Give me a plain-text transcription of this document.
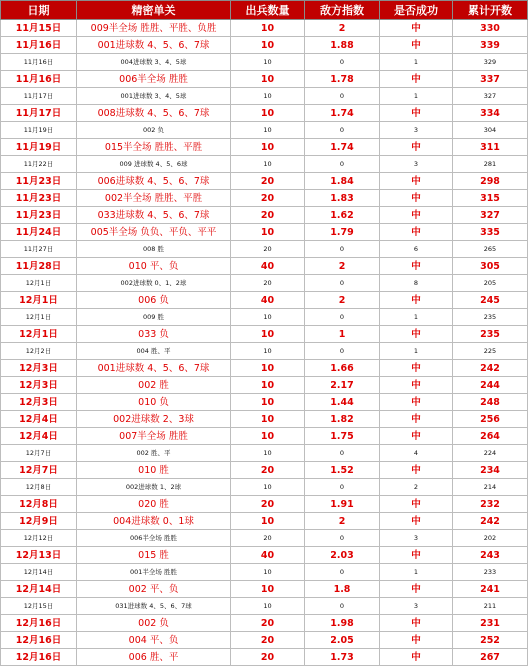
日期	精密单关	出兵数量	敌方指数	是否成功	累计开数
11月15日	009半全场 胜胜、平胜、负胜	10	2	中	330
11月16日	001进球数 4、5、6、7球	10	1.88	中	339
11月16日	004进球数 3、4、5球	10	0	1	329
11月16日	006半全场 胜胜	10	1.78	中	337
11月17日	001进球数 3、4、5球	10	0	1	327
11月17日	008进球数 4、5、6、7球	10	1.74	中	334
11月19日	002 负	10	0	3	304
11月19日	015半全场 胜胜、平胜	10	1.74	中	311
11月22日	009 进球数 4、5、6球	10	0	3	281
11月23日	006进球数 4、5、6、7球	20	1.84	中	298
11月23日	002半全场 胜胜、平胜	20	1.83	中	315
11月23日	033进球数 4、5、6、7球	20	1.62	中	327
11月24日	005半全场 负负、平负、平平	10	1.79	中	335
11月27日	008 胜	20	0	6	265
11月28日	010 平、负	40	2	中	305
12月1日	002进球数 0、1、2球	20	0	8	205
12月1日	006 负	40	2	中	245
12月1日	009 胜	10	0	1	235
12月1日	033 负	10	1	中	235
12月2日	004 胜、平	10	0	1	225
12月3日	001进球数 4、5、6、7球	10	1.66	中	242
12月3日	002 胜	10	2.17	中	244
12月3日	010 负	10	1.44	中	248
12月4日	002进球数 2、3球	10	1.82	中	256
12月4日	007半全场 胜胜	10	1.75	中	264
12月7日	002 胜、平	10	0	4	224
12月7日	010 胜	20	1.52	中	234
12月8日	002进球数 1、2球	10	0	2	214
12月8日	020 胜	20	1.91	中	232
12月9日	004进球数 0、1球	10	2	中	242
12月12日	006半全场 胜胜	20	0	3	202
12月13日	015 胜	40	2.03	中	243
12月14日	001半全场 胜胜	10	0	1	233
12月14日	002 平、负	10	1.8	中	241
12月15日	031进球数 4、5、6、7球	10	0	3	211
12月16日	002 负	20	1.98	中	231
12月16日	004 平、负	20	2.05	中	252
12月16日	006 胜、平	20	1.73	中	267
